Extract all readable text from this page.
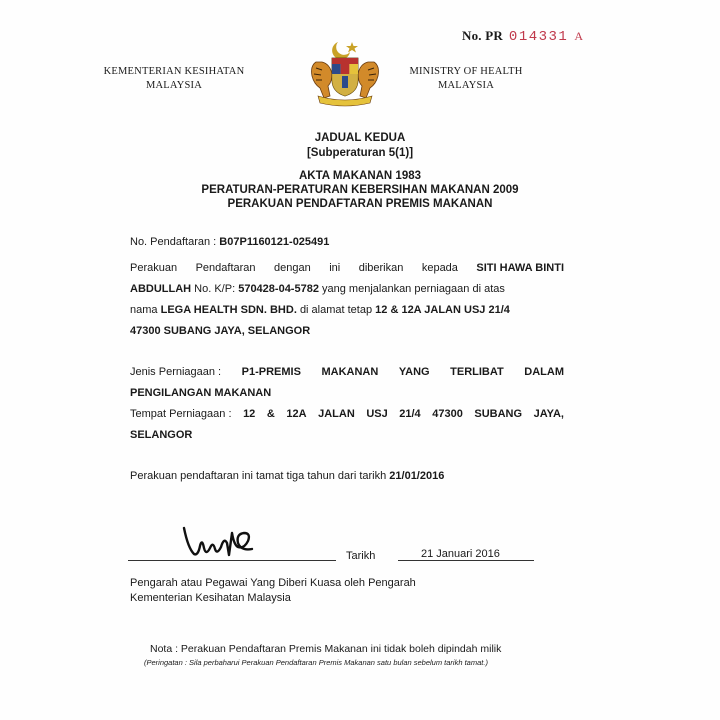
No. PR 014331 A
KEMENTERIAN KESIHATAN
MALAYSIA
MINISTRY OF HEALTH
MALAYSIA
JADUAL KEDUA
[Subperaturan 5(1)]
AKTA MAKANAN 1983
PERATURAN-PERATURAN KEBERSIHAN MAKANAN 2009
PERAKUAN PENDAFTARAN PREMIS MAKANAN
No. Pendaftaran : B07P1160121-025491
Perakuan Pendaftaran dengan ini diberikan kepada SITI HAWA BINTI
ABDULLAH No. K/P: 570428-04-5782 yang menjalankan perniagaan di atas
nama LEGA HEALTH SDN. BHD. di alamat tetap 12 & 12A JALAN USJ 21/4
47300 SUBANG JAYA, SELANGOR
Jenis Perniagaan : P1-PREMIS MAKANAN YANG TERLIBAT DALAM
PENGILANGAN MAKANAN
Tempat Perniagaan : 12 & 12A JALAN USJ 21/4 47300 SUBANG JAYA,
SELANGOR
Perakuan pendaftaran ini tamat tiga tahun dari tarikh 21/01/2016
Tarikh	21 Januari 2016
Pengarah atau Pegawai Yang Diberi Kuasa oleh Pengarah
Kementerian Kesihatan Malaysia
Nota : Perakuan Pendaftaran Premis Makanan ini tidak boleh dipindah milik
(Peringatan : Sila perbaharui Perakuan Pendaftaran Premis Makanan satu bulan sebelum tarikh tamat.)
